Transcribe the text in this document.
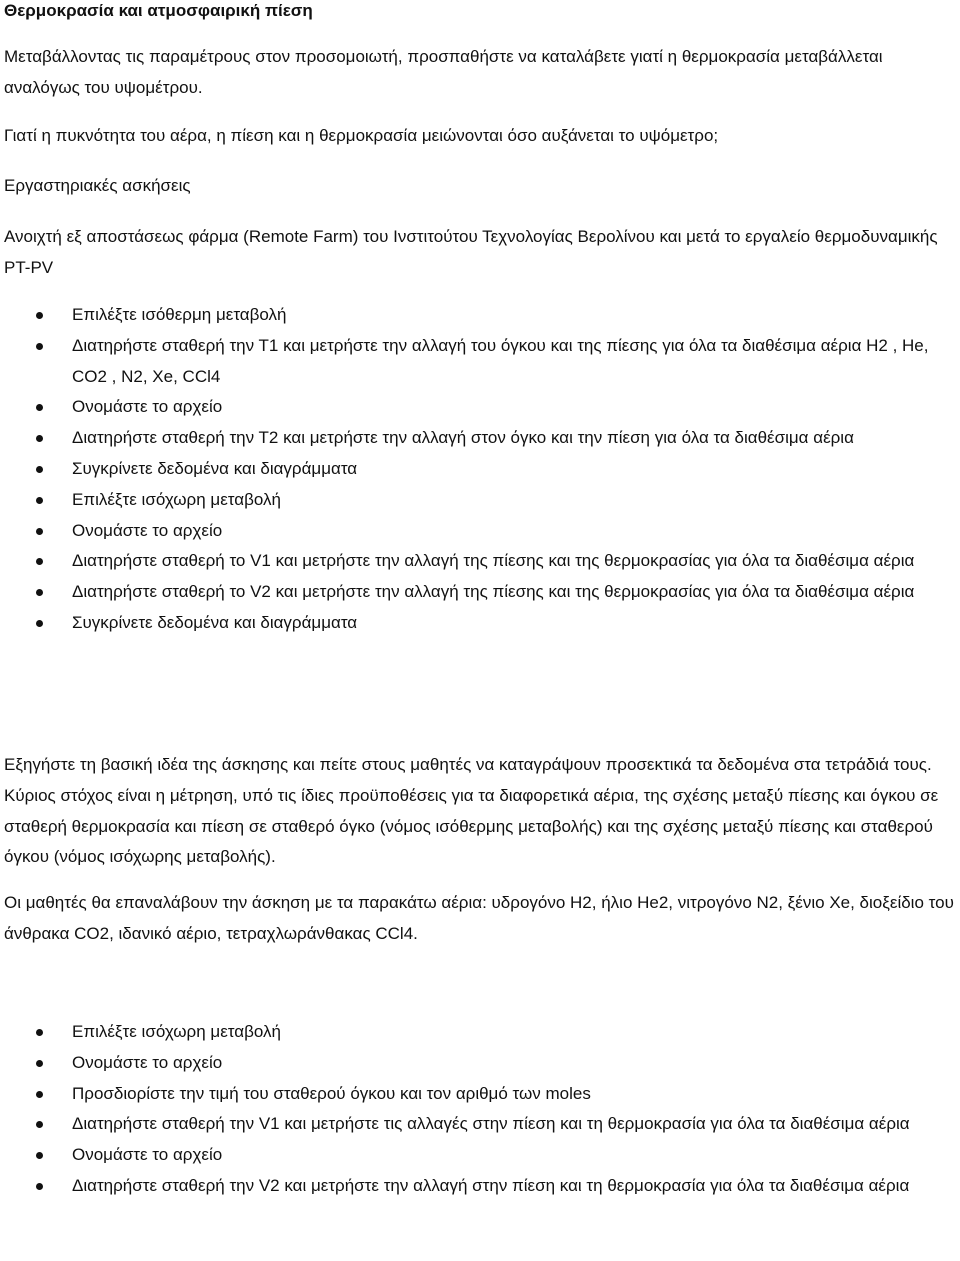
Θερμοκρασία και ατμοσφαιρική πίεση

Μεταβάλλοντας τις παραμέτρους στον προσομοιωτή, προσπαθήστε να καταλάβετε γιατί η θερμοκρασία μεταβάλλεται αναλόγως του υψομέτρου.

Γιατί η πυκνότητα του αέρα, η πίεση και η θερμοκρασία μειώνονται όσο αυξάνεται το υψόμετρο;

Εργαστηριακές ασκήσεις

Ανοιχτή εξ αποστάσεως φάρμα (Remote Farm) του Ινστιτούτου Τεχνολογίας Βερολίνου και μετά το εργαλείο θερμοδυναμικής PT-PV

Επιλέξτε ισόθερμη μεταβολή
Διατηρήστε σταθερή την Τ1 και μετρήστε την αλλαγή του όγκου και της πίεσης για όλα τα διαθέσιμα αέρια H2 , He, CO2 , N2, Xe, CCl4
Ονομάστε το αρχείο
Διατηρήστε σταθερή την Τ2 και μετρήστε την αλλαγή στον όγκο και την πίεση για όλα τα διαθέσιμα αέρια
Συγκρίνετε δεδομένα και διαγράμματα
Επιλέξτε ισόχωρη μεταβολή
Ονομάστε το αρχείο
Διατηρήστε σταθερή το V1 και μετρήστε την αλλαγή της πίεσης και της θερμοκρασίας για όλα τα διαθέσιμα αέρια
Διατηρήστε σταθερή το V2 και μετρήστε την αλλαγή της πίεσης και της θερμοκρασίας για όλα τα διαθέσιμα αέρια
Συγκρίνετε δεδομένα και διαγράμματα

Εξηγήστε τη βασική ιδέα της άσκησης και πείτε στους μαθητές να καταγράψουν προσεκτικά τα δεδομένα στα τετράδιά τους. Κύριος στόχος είναι η μέτρηση, υπό τις ίδιες προϋποθέσεις για τα διαφορετικά αέρια, της σχέσης μεταξύ πίεσης και όγκου σε σταθερή θερμοκρασία και πίεση σε σταθερό όγκο (νόμος ισόθερμης μεταβολής) και της σχέσης μεταξύ πίεσης και σταθερού όγκου (νόμος ισόχωρης μεταβολής).

Οι μαθητές θα επαναλάβουν την άσκηση με τα παρακάτω αέρια: υδρογόνο H2, ήλιο He2, νιτρογόνο N2, ξένιο Xe, διοξείδιο του άνθρακα CO2, ιδανικό αέριο, τετραχλωράνθακας CCl4.

Επιλέξτε ισόχωρη μεταβολή
Ονομάστε το αρχείο
Προσδιορίστε την τιμή του σταθερού όγκου και τον αριθμό των moles
Διατηρήστε σταθερή την V1 και μετρήστε τις αλλαγές στην πίεση και τη θερμοκρασία για όλα τα διαθέσιμα αέρια
Ονομάστε το αρχείο
Διατηρήστε σταθερή την V2 και μετρήστε την αλλαγή στην πίεση και τη θερμοκρασία για όλα τα διαθέσιμα αέρια
